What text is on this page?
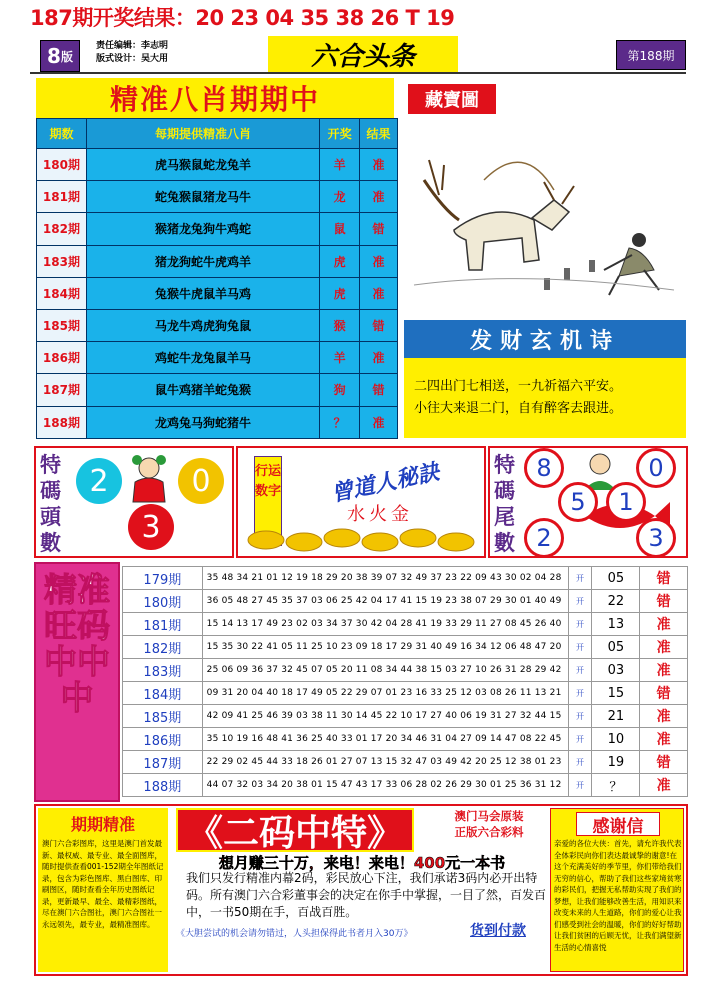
187期开奖结果：20 23 04 35 38 26 T 19
8 版
责任编辑：李志明
版式设计：吴大用	六合头条	第188期
精准八肖期期中	藏寶圖
期数	每期提供精准八肖	开奖	结果
180期	虎马猴鼠蛇龙兔羊	羊	准
181期	蛇兔猴鼠猪龙马牛	龙	准
182期	猴猪龙兔狗牛鸡蛇	鼠	错
183期	猪龙狗蛇牛虎鸡羊	虎	准
184期	兔猴牛虎鼠羊马鸡	虎	准
185期	马龙牛鸡虎狗兔鼠	猴	错
186期	鸡蛇牛龙兔鼠羊马	羊	准
187期	鼠牛鸡猪羊蛇兔猴	狗	错
188期	龙鸡兔马狗蛇猪牛	？	准
发财玄机诗
二四出门七相送，一九祈福六平安。
小往大来退二门，自有醉客去跟进。
特碼頭數
2	0
3
行运数字	曾道人秘訣
水火金
特碼尾數
8	0
5	1
2	3
精准旺码中中中
179期	35 48 34 21 01 12 19 18 29 20 38 39 07 32 49 37 23 22 09 43 30 02 04 28	开	05	错
180期	36 05 48 27 45 35 37 03 06 25 42 04 17 41 15 19 23 38 07 29 30 01 40 49	开	22	错
181期	15 14 13 17 49 23 02 03 34 37 30 42 04 28 41 19 33 29 11 27 08 45 26 40	开	13	准
182期	15 35 30 22 41 05 11 25 10 23 09 18 17 29 31 40 49 16 34 12 06 48 47 20	开	05	准
183期	25 06 09 36 37 32 45 07 05 20 11 08 34 44 38 15 03 27 10 26 31 28 29 42	开	03	准
184期	09 31 20 04 40 18 17 49 05 22 29 07 01 23 16 33 25 12 03 08 26 11 13 21	开	15	错
185期	42 09 41 25 46 39 03 38 11 30 14 45 22 10 17 27 40 06 19 31 27 32 44 15	开	21	准
186期	35 10 19 16 48 41 36 25 40 33 01 17 20 34 46 31 04 27 09 14 47 08 22 45	开	10	准
187期	22 29 02 45 44 33 18 26 01 27 07 13 15 32 47 03 49 42 20 25 12 38 01 23	开	19	错
188期	44 07 32 03 34 20 38 01 15 47 43 17 33 06 28 02 26 29 30 01 25 36 31 12	开	？	准
期期精准
澳门六合彩图库，这里是澳门首发最新、最权威、最专业、最全面图库，随时提供查看001-152期全年图纸记录，包含为彩色图库、黑白图库、印刷图区，随时查看全年历史图纸记录，更新最早、最全、最精彩图纸，尽在澳门六合图社，澳门六合图社一永远领先，最专业，最精准图库。
《二码中特》	澳门马会原装
正版六合彩料
想月赚三十万，来电！来电！400元一本书
我们只发行精准内幕2码，彩民放心下注，我们承诺3码内必开出特码。所有澳门六合彩董事会的决定在你手中掌握，一目了然，百发百中，一书50期在手，百战百胜。
《大胆尝试的机会请勿错过，人头担保得此书者月入30万》	货到付款
感谢信
亲爱的各位大侠：首先，请允许我代表全体彩民向你们表达最诚挚的谢意!在这个充满美好的季节里，你们带给我们无穷的信心，帮助了我们这些家境贫寒的彩民们，把握无私帮助实现了我们的梦想，让我们能够改善生活，用知识来改变未来的人生道路，你们的爱心让我们感受到社会的温暖，你们的好好帮助让我们贫困的后顾无忧，让我们满望新生活的心情喜悦
